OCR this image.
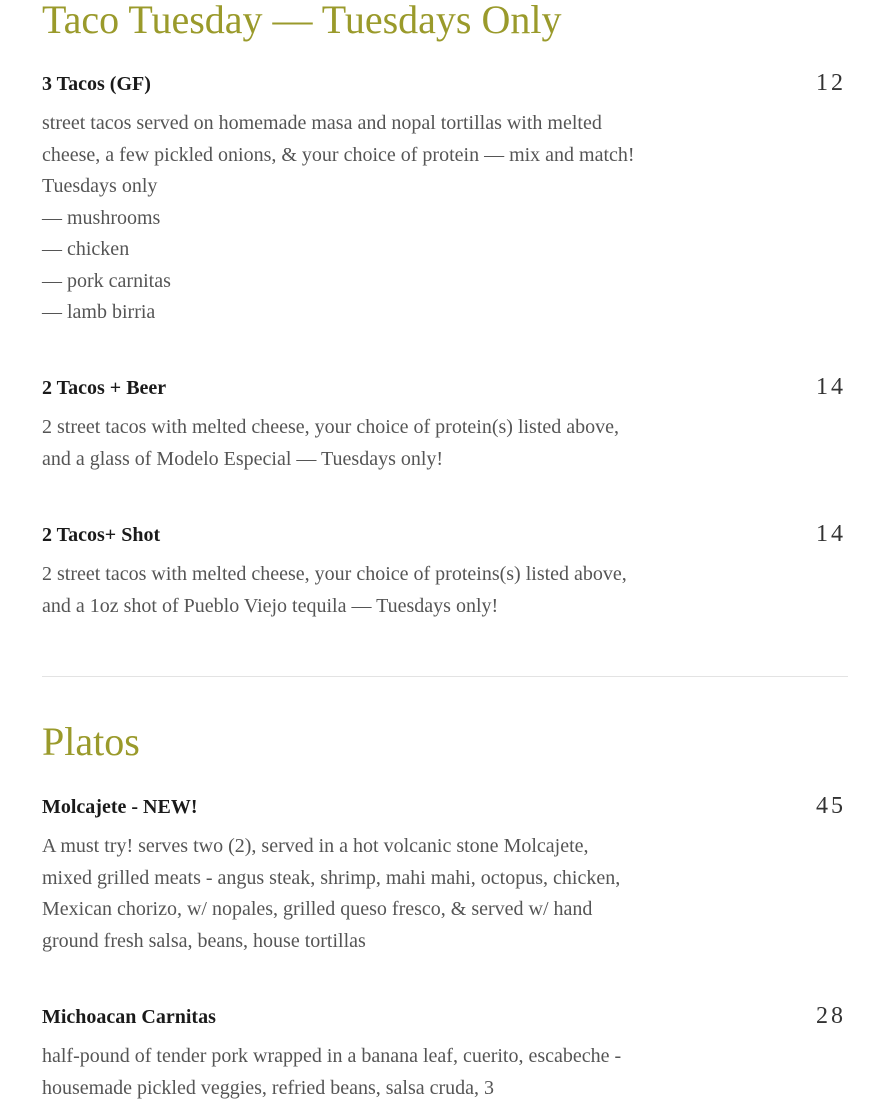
Taco Tuesday — Tuesdays Only
3 Tacos (GF)	12
street tacos served on homemade masa and nopal tortillas with melted cheese, a few pickled onions, & your choice of protein — mix and match! Tuesdays only
— mushrooms
— chicken
— pork carnitas
— lamb birria
2 Tacos + Beer	14
2 street tacos with melted cheese, your choice of protein(s) listed above, and a glass of Modelo Especial — Tuesdays only!
2 Tacos+ Shot	14
2 street tacos with melted cheese, your choice of proteins(s) listed above, and a 1oz shot of Pueblo Viejo tequila — Tuesdays only!
Platos
Molcajete - NEW!	45
A must try! serves two (2), served in a hot volcanic stone Molcajete, mixed grilled meats - angus steak, shrimp, mahi mahi, octopus, chicken, Mexican chorizo, w/ nopales, grilled queso fresco, & served w/ hand ground fresh salsa, beans, house tortillas
Michoacan Carnitas	28
half-pound of tender pork wrapped in a banana leaf, cuerito, escabeche - housemade pickled veggies, refried beans, salsa cruda, 3
